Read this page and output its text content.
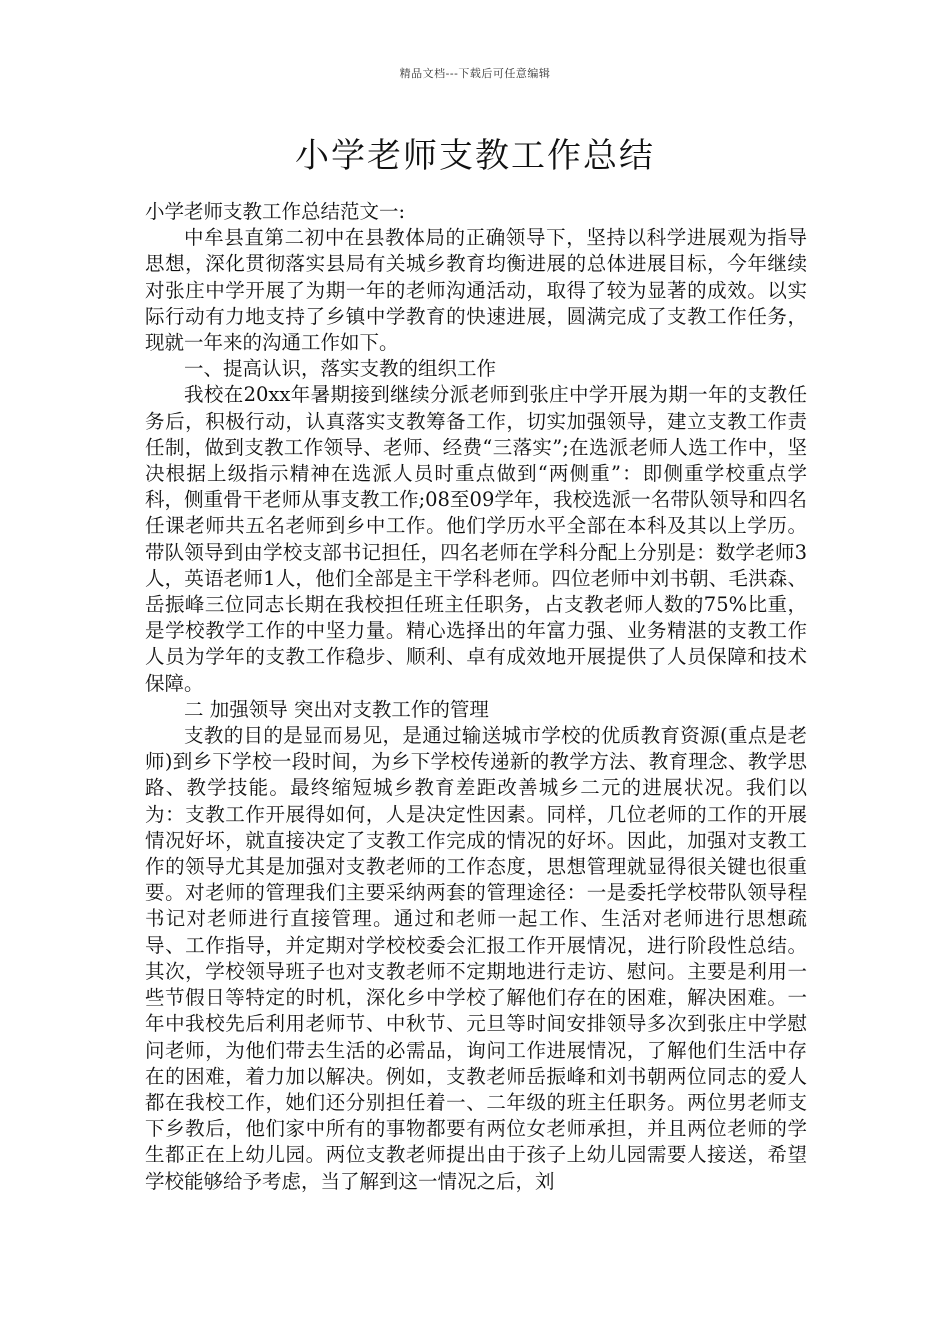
精品文档---下载后可任意编辑
小学老师支教工作总结

小学老师支教工作总结范文一:

中牟县直第二初中在县教体局的正确领导下，坚持以科学进展观为指导思想，深化贯彻落实县局有关城乡教育均衡进展的总体进展目标，今年继续对张庄中学开展了为期一年的老师沟通活动，取得了较为显著的成效。以实际行动有力地支持了乡镇中学教育的快速进展，圆满完成了支教工作任务，现就一年来的沟通工作如下。

一、提高认识，落实支教的组织工作

我校在20xx年暑期接到继续分派老师到张庄中学开展为期一年的支教任务后，积极行动，认真落实支教筹备工作，切实加强领导，建立支教工作责任制，做到支教工作领导、老师、经费“三落实”;在选派老师人选工作中，坚决根据上级指示精神在选派人员时重点做到“两侧重”：即侧重学校重点学科，侧重骨干老师从事支教工作;08至09学年，我校选派一名带队领导和四名任课老师共五名老师到乡中工作。他们学历水平全部在本科及其以上学历。带队领导到由学校支部书记担任，四名老师在学科分配上分别是：数学老师3人，英语老师1人，他们全部是主干学科老师。四位老师中刘书朝、毛洪森、岳振峰三位同志长期在我校担任班主任职务，占支教老师人数的75%比重，是学校教学工作的中坚力量。精心选择出的年富力强、业务精湛的支教工作人员为学年的支教工作稳步、顺利、卓有成效地开展提供了人员保障和技术保障。

二 加强领导 突出对支教工作的管理

支教的目的是显而易见，是通过输送城市学校的优质教育资源(重点是老师)到乡下学校一段时间，为乡下学校传递新的教学方法、教育理念、教学思路、教学技能。最终缩短城乡教育差距改善城乡二元的进展状况。我们以为：支教工作开展得如何，人是决定性因素。同样，几位老师的工作的开展情况好坏，就直接决定了支教工作完成的情况的好坏。因此，加强对支教工作的领导尤其是加强对支教老师的工作态度，思想管理就显得很关键也很重要。对老师的管理我们主要采纳两套的管理途径：一是委托学校带队领导程书记对老师进行直接管理。通过和老师一起工作、生活对老师进行思想疏导、工作指导，并定期对学校校委会汇报工作开展情况，进行阶段性总结。其次，学校领导班子也对支教老师不定期地进行走访、慰问。主要是利用一些节假日等特定的时机，深化乡中学校了解他们存在的困难，解决困难。一年中我校先后利用老师节、中秋节、元旦等时间安排领导多次到张庄中学慰问老师，为他们带去生活的必需品，询问工作进展情况，了解他们生活中存在的困难，着力加以解决。例如，支教老师岳振峰和刘书朝两位同志的爱人都在我校工作，她们还分别担任着一、二年级的班主任职务。两位男老师支下乡教后，他们家中所有的事物都要有两位女老师承担，并且两位老师的学生都正在上幼儿园。两位支教老师提出由于孩子上幼儿园需要人接送，希望学校能够给予考虑，当了解到这一情况之后，刘
